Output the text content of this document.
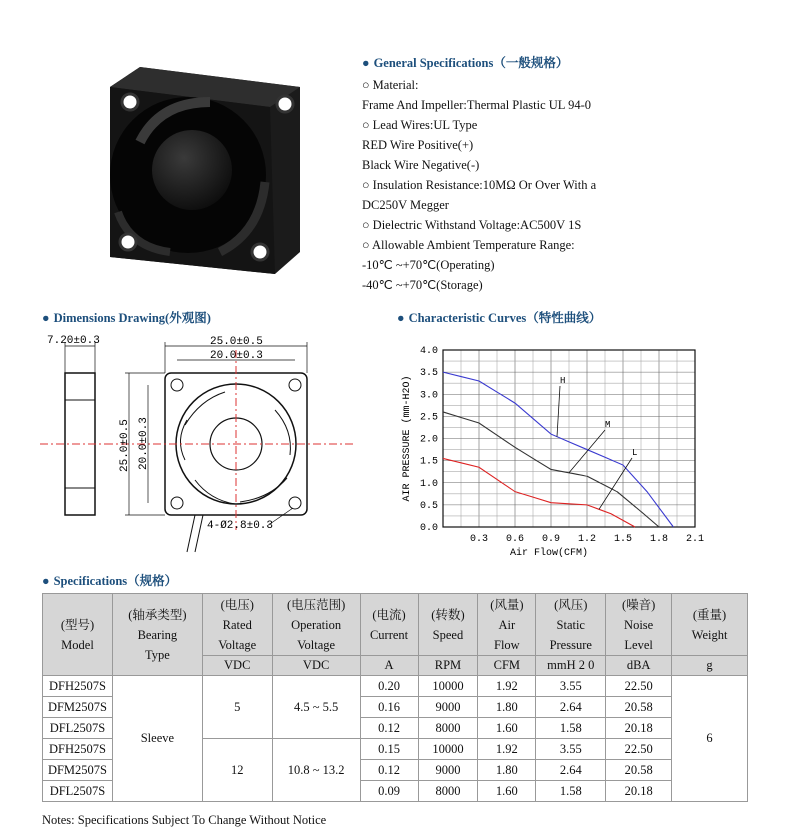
● General Specifications（一般规格）
○ Material:
Frame And Impeller:Thermal Plastic UL 94-0
○ Lead Wires:UL Type
RED Wire Positive(+)
Black Wire Negative(-)
○ Insulation Resistance:10MΩ Or Over With a
DC250V Megger
○ Dielectric Withstand Voltage:AC500V 1S
○ Allowable Ambient Temperature Range:
-10℃ ~+70℃(Operating)
-40℃ ~+70℃(Storage)
● Dimensions Drawing(外观图)
7.20±0.3	25.0±0.5
20.0±0.3
25.0±0.5 20.0±0.3
4-Ø2.8±0.3
● Characteristic Curves（特性曲线）
H
M
L
0.3 0.6 0.9 1.2 1.5 1.8 2.1
0.0
0.5
1.0
1.5
2.0
2.5
3.0
3.5
4.0
Air Flow(CFM)
AIR PRESSURE (mm-H2O)
● Specifications（规格）
(型号)
Model	(轴承类型)
Bearing
Type	(电压)
Rated
Voltage	(电压范围)
Operation
Voltage	(电流)
Current	(转数)
Speed	(风量)
Air
Flow	(风压)
Static
Pressure	(噪音)
Noise
Level	(重量)
Weight
		VDC	VDC	A	RPM	CFM	mmH 2 0	dBA	g
DFH2507S	Sleeve	5	4.5 ~ 5.5	0.20	10000	1.92	3.55	22.50	6
DFM2507S				0.16	9000	1.80	2.64	20.58	
DFL2507S				0.12	8000	1.60	1.58	20.18	
DFH2507S		12	10.8 ~ 13.2	0.15	10000	1.92	3.55	22.50	
DFM2507S				0.12	9000	1.80	2.64	20.58	
DFL2507S				0.09	8000	1.60	1.58	20.18	
Notes: Specifications Subject To Change Without Notice
